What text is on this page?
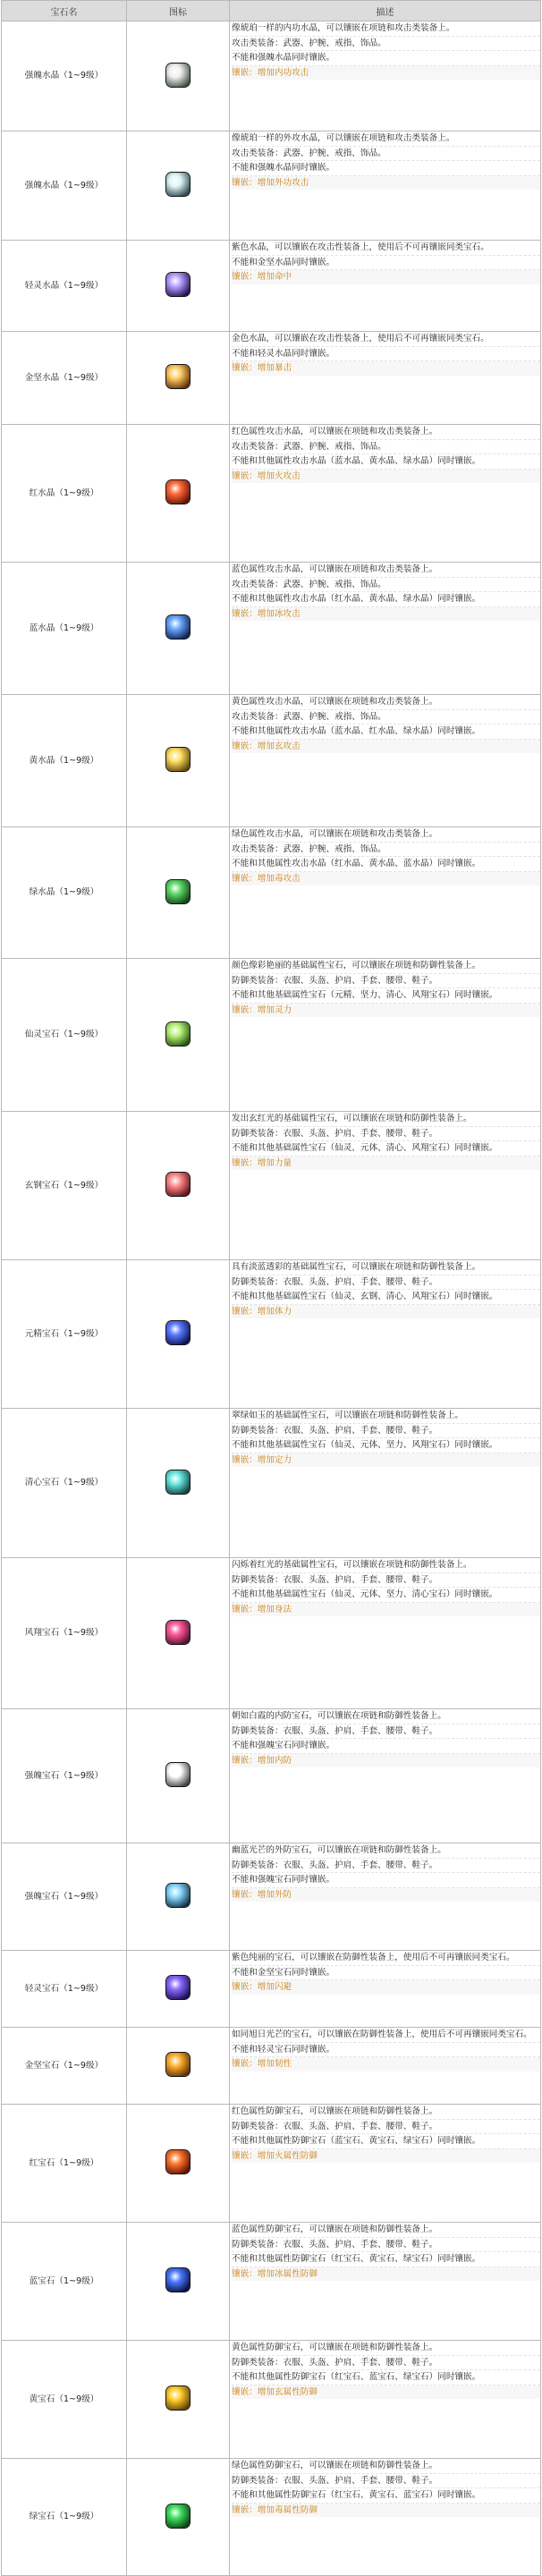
宝石名	图标	描述
强魄水晶（1~9级）		像琥珀一样的内功水晶，可以镶嵌在项链和攻击类装备上。
攻击类装备：武器、护腕、戒指、饰品。
不能和强魄水晶同时镶嵌。
镶嵌：增加内功攻击

强魄水晶（1~9级）		像琥珀一样的外攻水晶，可以镶嵌在项链和攻击类装备上。
攻击类装备：武器、护腕、戒指、饰品。
不能和强魄水晶同时镶嵌。
镶嵌：增加外功攻击

轻灵水晶（1~9级）		紫色水晶，可以镶嵌在攻击性装备上，使用后不可再镶嵌同类宝石。
不能和金坚水晶同时镶嵌。
镶嵌：增加命中

金坚水晶（1~9级）		金色水晶，可以镶嵌在攻击性装备上，使用后不可再镶嵌同类宝石。
不能和轻灵水晶同时镶嵌。
镶嵌：增加暴击

红水晶（1~9级）		红色属性攻击水晶，可以镶嵌在项链和攻击类装备上。
攻击类装备：武器、护腕、戒指、饰品。
不能和其他属性攻击水晶（蓝水晶、黄水晶、绿水晶）同时镶嵌。
镶嵌：增加火攻击

蓝水晶（1~9级）		蓝色属性攻击水晶，可以镶嵌在项链和攻击类装备上。
攻击类装备：武器、护腕、戒指、饰品。
不能和其他属性攻击水晶（红水晶、黄水晶、绿水晶）同时镶嵌。
镶嵌：增加冰攻击

黄水晶（1~9级）		黄色属性攻击水晶，可以镶嵌在项链和攻击类装备上。
攻击类装备：武器、护腕、戒指、饰品。
不能和其他属性攻击水晶（蓝水晶、红水晶、绿水晶）同时镶嵌。
镶嵌：增加玄攻击

绿水晶（1~9级）		绿色属性攻击水晶，可以镶嵌在项链和攻击类装备上。
攻击类装备：武器、护腕、戒指、饰品。
不能和其他属性攻击水晶（红水晶、黄水晶、蓝水晶）同时镶嵌。
镶嵌：增加毒攻击

仙灵宝石（1~9级）		颜色像彩艳丽的基础属性宝石，可以镶嵌在项链和防御性装备上。
防御类装备：衣服、头盔、护肩、手套、腰带、鞋子。
不能和其他基础属性宝石（元精、坚力、清心、风翔宝石）同时镶嵌。
镶嵌：增加灵力

玄钢宝石（1~9级）		发出玄红光的基础属性宝石，可以镶嵌在项链和防御性装备上。
防御类装备：衣服、头盔、护肩、手套、腰带、鞋子。
不能和其他基础属性宝石（仙灵、元体、清心、风翔宝石）同时镶嵌。
镶嵌：增加力量

元精宝石（1~9级）		具有淡蓝透彩的基础属性宝石，可以镶嵌在项链和防御性装备上。
防御类装备：衣服、头盔、护肩、手套、腰带、鞋子。
不能和其他基础属性宝石（仙灵、玄钢、清心、风翔宝石）同时镶嵌。
镶嵌：增加体力

清心宝石（1~9级）		翠绿如玉的基础属性宝石，可以镶嵌在项链和防御性装备上。
防御类装备：衣服、头盔、护肩、手套、腰带、鞋子。
不能和其他基础属性宝石（仙灵、元体、坚力、风翔宝石）同时镶嵌。
镶嵌：增加定力

风翔宝石（1~9级）		闪烁着红光的基础属性宝石，可以镶嵌在项链和防御性装备上。
防御类装备：衣服、头盔、护肩、手套、腰带、鞋子。
不能和其他基础属性宝石（仙灵、元体、坚力、清心宝石）同时镶嵌。
镶嵌：增加身法

强魄宝石（1~9级）		朝如白霞的内防宝石，可以镶嵌在项链和防御性装备上。
防御类装备：衣服、头盔、护肩、手套、腰带、鞋子。
不能和强魄宝石同时镶嵌。
镶嵌：增加内防

强魄宝石（1~9级）		幽蓝光芒的外防宝石，可以镶嵌在项链和防御性装备上。
防御类装备：衣服、头盔、护肩、手套、腰带、鞋子。
不能和强魄宝石同时镶嵌。
镶嵌：增加外防

轻灵宝石（1~9级）		紫色纯丽的宝石，可以镶嵌在防御性装备上，使用后不可再镶嵌同类宝石。
不能和金坚宝石同时镶嵌。
镶嵌：增加闪避

金坚宝石（1~9级）		如同旭日光芒的宝石，可以镶嵌在防御性装备上，使用后不可再镶嵌同类宝石。
不能和轻灵宝石同时镶嵌。
镶嵌：增加韧性

红宝石（1~9级）		红色属性防御宝石，可以镶嵌在项链和防御性装备上。
防御类装备：衣服、头盔、护肩、手套、腰带、鞋子。
不能和其他属性防御宝石（蓝宝石、黄宝石、绿宝石）同时镶嵌。
镶嵌：增加火属性防御

蓝宝石（1~9级）		蓝色属性防御宝石，可以镶嵌在项链和防御性装备上。
防御类装备：衣服、头盔、护肩、手套、腰带、鞋子。
不能和其他属性防御宝石（红宝石、黄宝石、绿宝石）同时镶嵌。
镶嵌：增加冰属性防御

黄宝石（1~9级）		黄色属性防御宝石，可以镶嵌在项链和防御性装备上。
防御类装备：衣服、头盔、护肩、手套、腰带、鞋子。
不能和其他属性防御宝石（红宝石、蓝宝石、绿宝石）同时镶嵌。
镶嵌：增加玄属性防御

绿宝石（1~9级）		绿色属性防御宝石，可以镶嵌在项链和防御性装备上。
防御类装备：衣服、头盔、护肩、手套、腰带、鞋子。
不能和其他属性防御宝石（红宝石、黄宝石、蓝宝石）同时镶嵌。
镶嵌：增加毒属性防御
